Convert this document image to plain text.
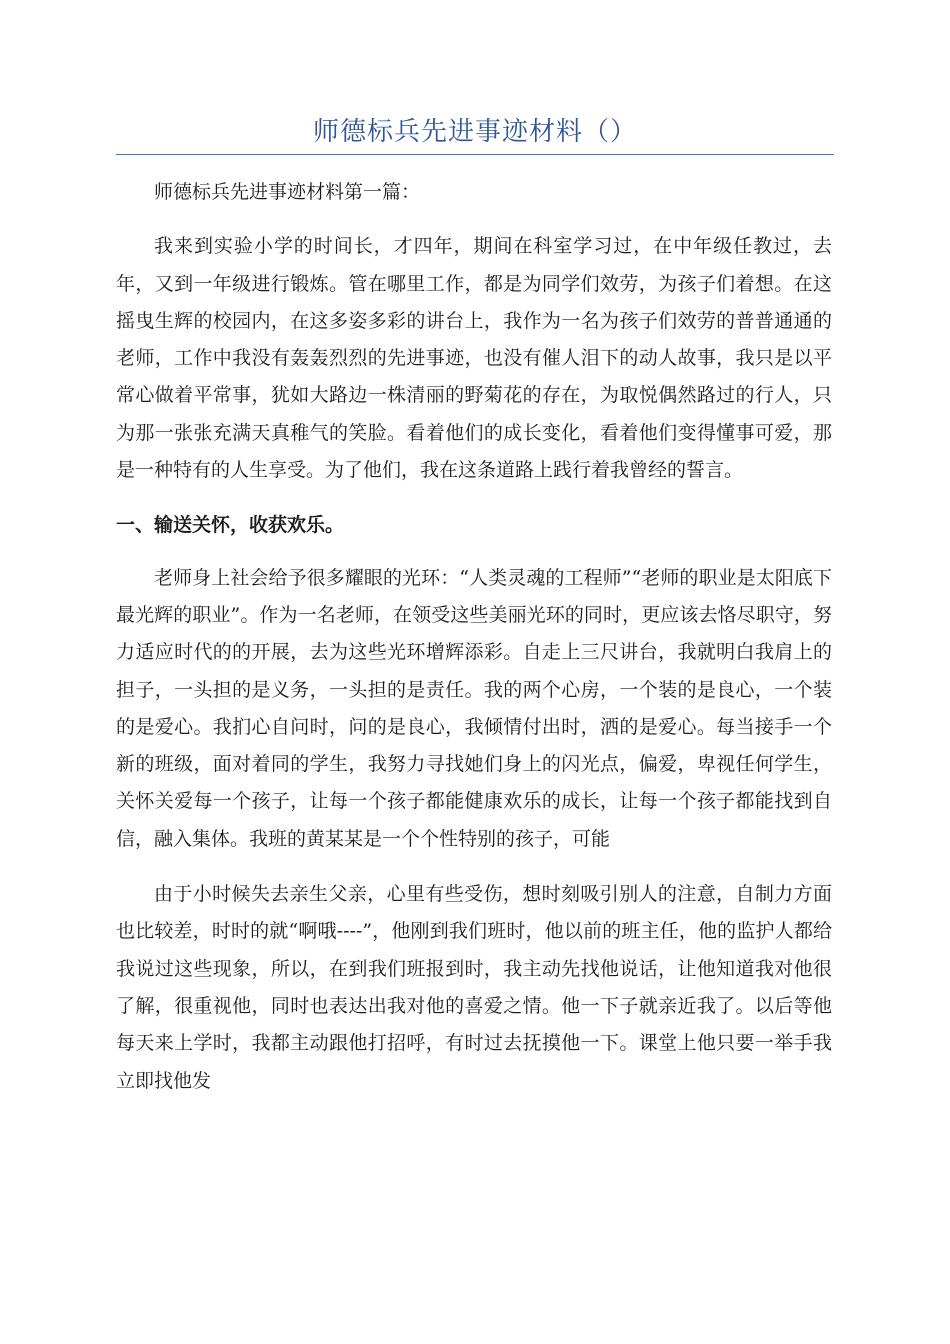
师德标兵先进事迹材料（）

师德标兵先进事迹材料第一篇：

我来到实验小学的时间长，才四年，期间在科室学习过，在中年级任教过，去年，又到一年级进行锻炼。管在哪里工作，都是为同学们效劳，为孩子们着想。在这摇曳生辉的校园内，在这多姿多彩的讲台上，我作为一名为孩子们效劳的普普通通的老师，工作中我没有轰轰烈烈的先进事迹，也没有催人泪下的动人故事，我只是以平常心做着平常事，犹如大路边一株清丽的野菊花的存在，为取悦偶然路过的行人，只为那一张张充满天真稚气的笑脸。看着他们的成长变化，看着他们变得懂事可爱，那是一种特有的人生享受。为了他们，我在这条道路上践行着我曾经的誓言。

一、输送关怀，收获欢乐。

老师身上社会给予很多耀眼的光环：“人类灵魂的工程师”“老师的职业是太阳底下最光辉的职业”。作为一名老师，在领受这些美丽光环的同时，更应该去恪尽职守，努力适应时代的的开展，去为这些光环增辉添彩。自走上三尺讲台，我就明白我肩上的担子，一头担的是义务，一头担的是责任。我的两个心房，一个装的是良心，一个装的是爱心。我扪心自问时，问的是良心，我倾情付出时，洒的是爱心。每当接手一个新的班级，面对着同的学生，我努力寻找她们身上的闪光点，偏爱，卑视任何学生，关怀关爱每一个孩子，让每一个孩子都能健康欢乐的成长，让每一个孩子都能找到自信，融入集体。我班的黄某某是一个个性特别的孩子，可能

由于小时候失去亲生父亲，心里有些受伤，想时刻吸引别人的注意，自制力方面也比较差，时时的就“啊哦----”，他刚到我们班时，他以前的班主任，他的监护人都给我说过这些现象，所以，在到我们班报到时，我主动先找他说话，让他知道我对他很了解，很重视他，同时也表达出我对他的喜爱之情。他一下子就亲近我了。以后等他每天来上学时，我都主动跟他打招呼，有时过去抚摸他一下。课堂上他只要一举手我立即找他发
